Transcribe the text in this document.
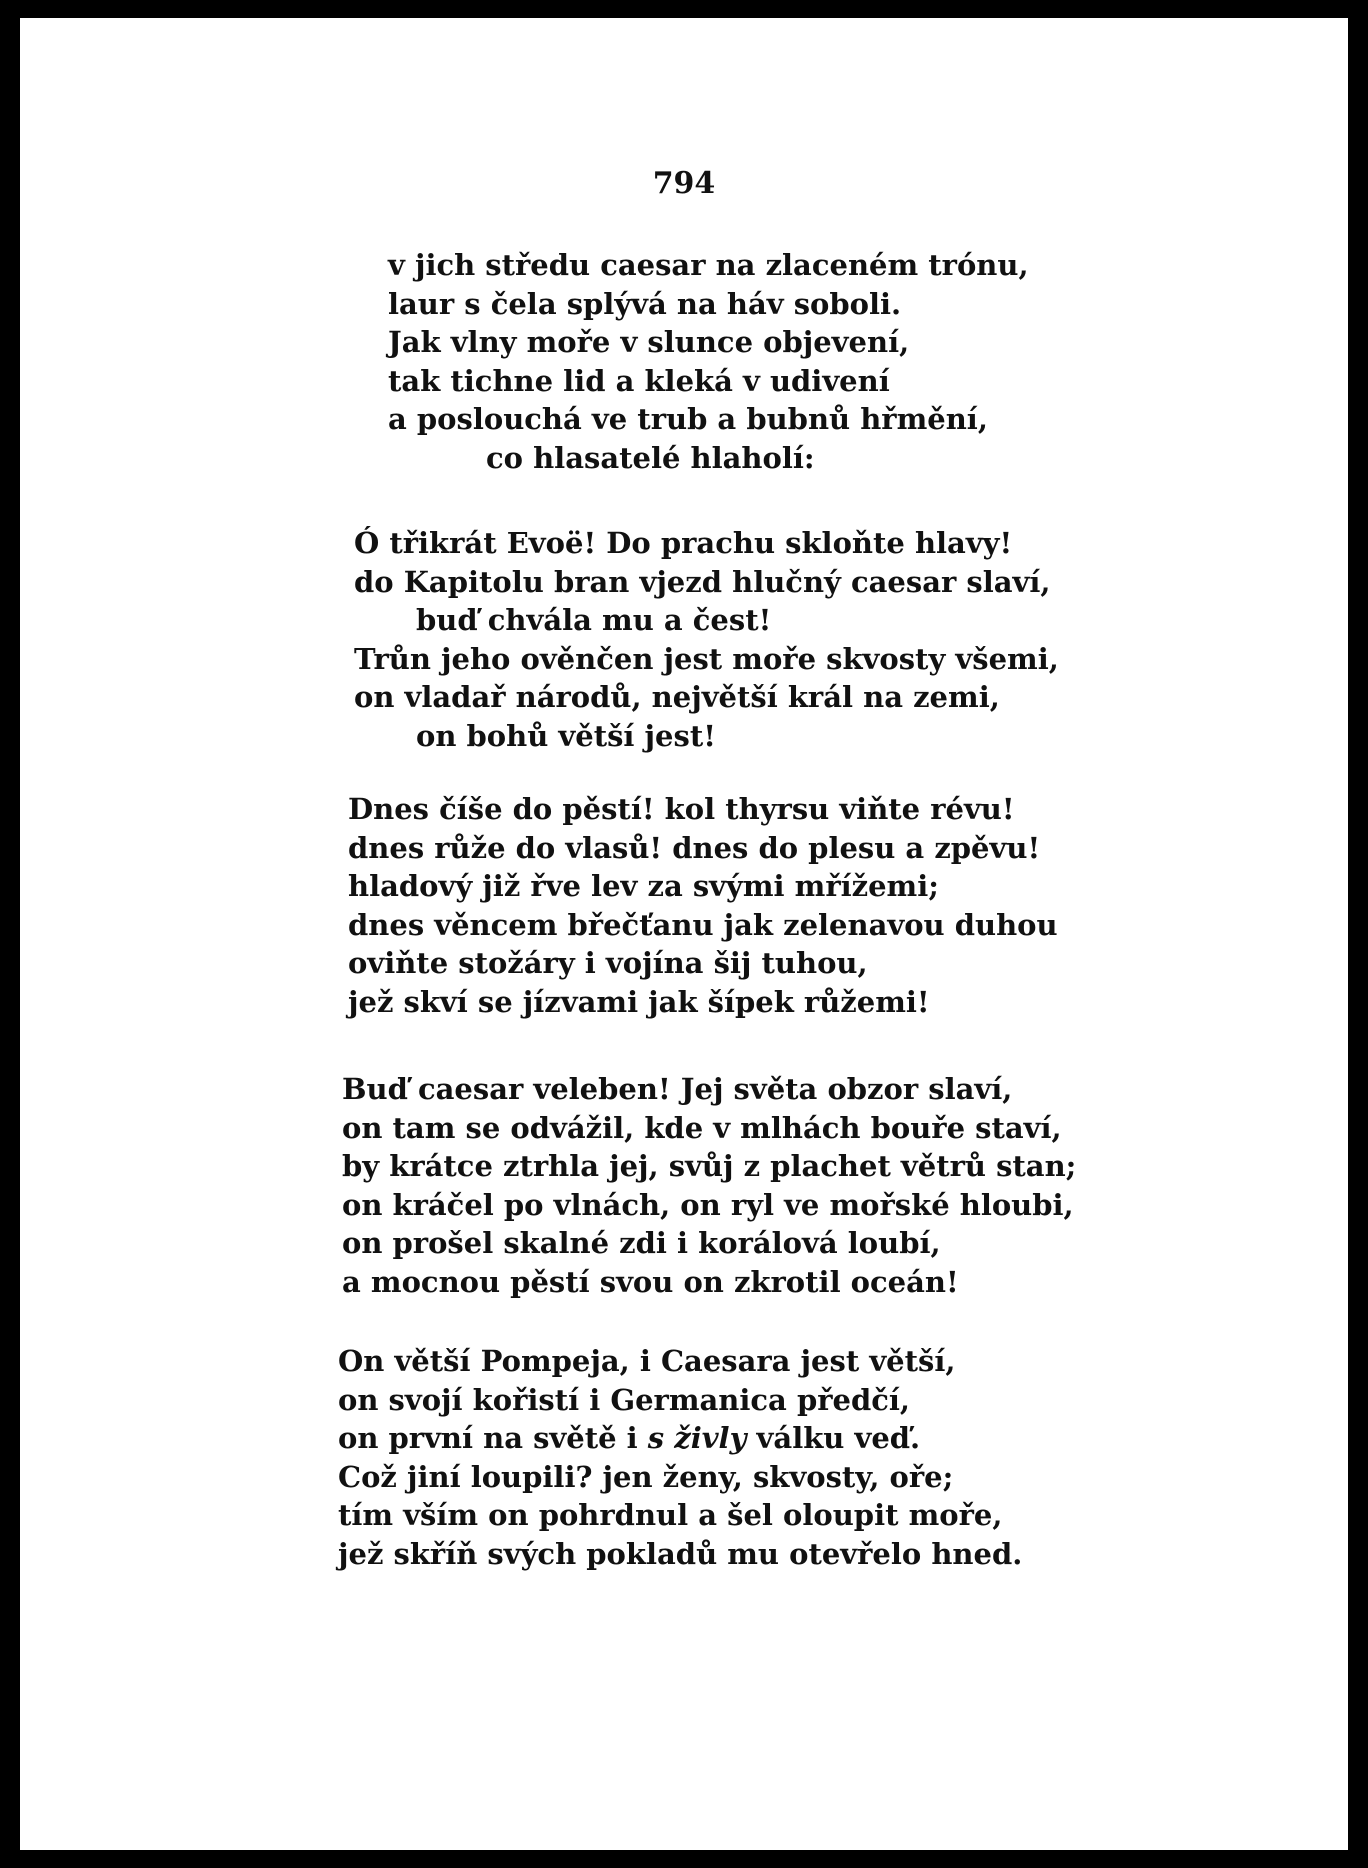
794
v jich středu caesar na zlaceném trónu,
laur s čela splývá na háv soboli.
Jak vlny moře v slunce objevení,
tak tichne lid a kleká v udivení
a poslouchá ve trub a bubnů hřmění,
co hlasatelé hlaholí:
Ó třikrát Evoë! Do prachu skloňte hlavy!
do Kapitolu bran vjezd hlučný caesar slaví,
buď chvála mu a čest!
Trůn jeho ověnčen jest moře skvosty všemi,
on vladař národů, největší král na zemi,
on bohů větší jest!
Dnes číše do pěstí! kol thyrsu viňte révu!
dnes růže do vlasů! dnes do plesu a zpěvu!
hladový již řve lev za svými mřížemi;
dnes věncem břečťanu jak zelenavou duhou
oviňte stožáry i vojína šij tuhou,
jež skví se jízvami jak šípek růžemi!
Buď caesar veleben! Jej světa obzor slaví,
on tam se odvážil, kde v mlhách bouře staví,
by krátce ztrhla jej, svůj z plachet větrů stan;
on kráčel po vlnách, on ryl ve mořské hloubi,
on prošel skalné zdi i korálová loubí,
a mocnou pěstí svou on zkrotil oceán!
On větší Pompeja, i Caesara jest větší,
on svojí kořistí i Germanica předčí,
on první na světě i s živly válku veď.
Což jiní loupili? jen ženy, skvosty, oře;
tím vším on pohrdnul a šel oloupit moře,
jež skříň svých pokladů mu otevřelo hned.
